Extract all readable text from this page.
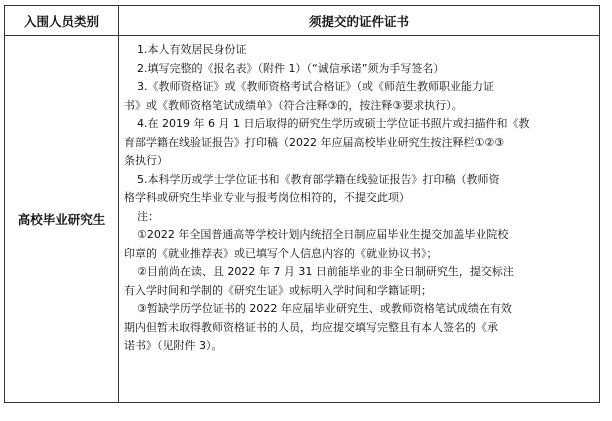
入围人员类别	须提交的证件证书
高校毕业研究生
1.本人有效居民身份证
2.填写完整的《报名表》（附件 1）（“诚信承诺”须为手写签名）
3.《教师资格证》或《教师资格考试合格证》（或《师范生教师职业能力证
书》或《教师资格笔试成绩单》（符合注释③的，按注释③要求执行）。
4.在 2019 年 6 月 1 日后取得的研究生学历或硕士学位证书照片或扫描件和《教
育部学籍在线验证报告》打印稿（2022 年应届高校毕业研究生按注释栏①②③
条执行）
5.本科学历或学士学位证书和《教育部学籍在线验证报告》打印稿（教师资
格学科或研究生毕业专业与报考岗位相符的，不提交此项）
注：
①2022 年全国普通高等学校计划内统招全日制应届毕业生提交加盖毕业院校
印章的《就业推荐表》或已填写个人信息内容的《就业协议书》；
②目前尚在读、且 2022 年 7 月 31 日前能毕业的非全日制研究生，提交标注
有入学时间和学制的《研究生证》或标明入学时间和学籍证明；
③暂缺学历学位证书的 2022 年应届毕业研究生、或教师资格笔试成绩在有效
期内但暂未取得教师资格证书的人员，均应提交填写完整且有本人签名的《承
诺书》（见附件 3）。
